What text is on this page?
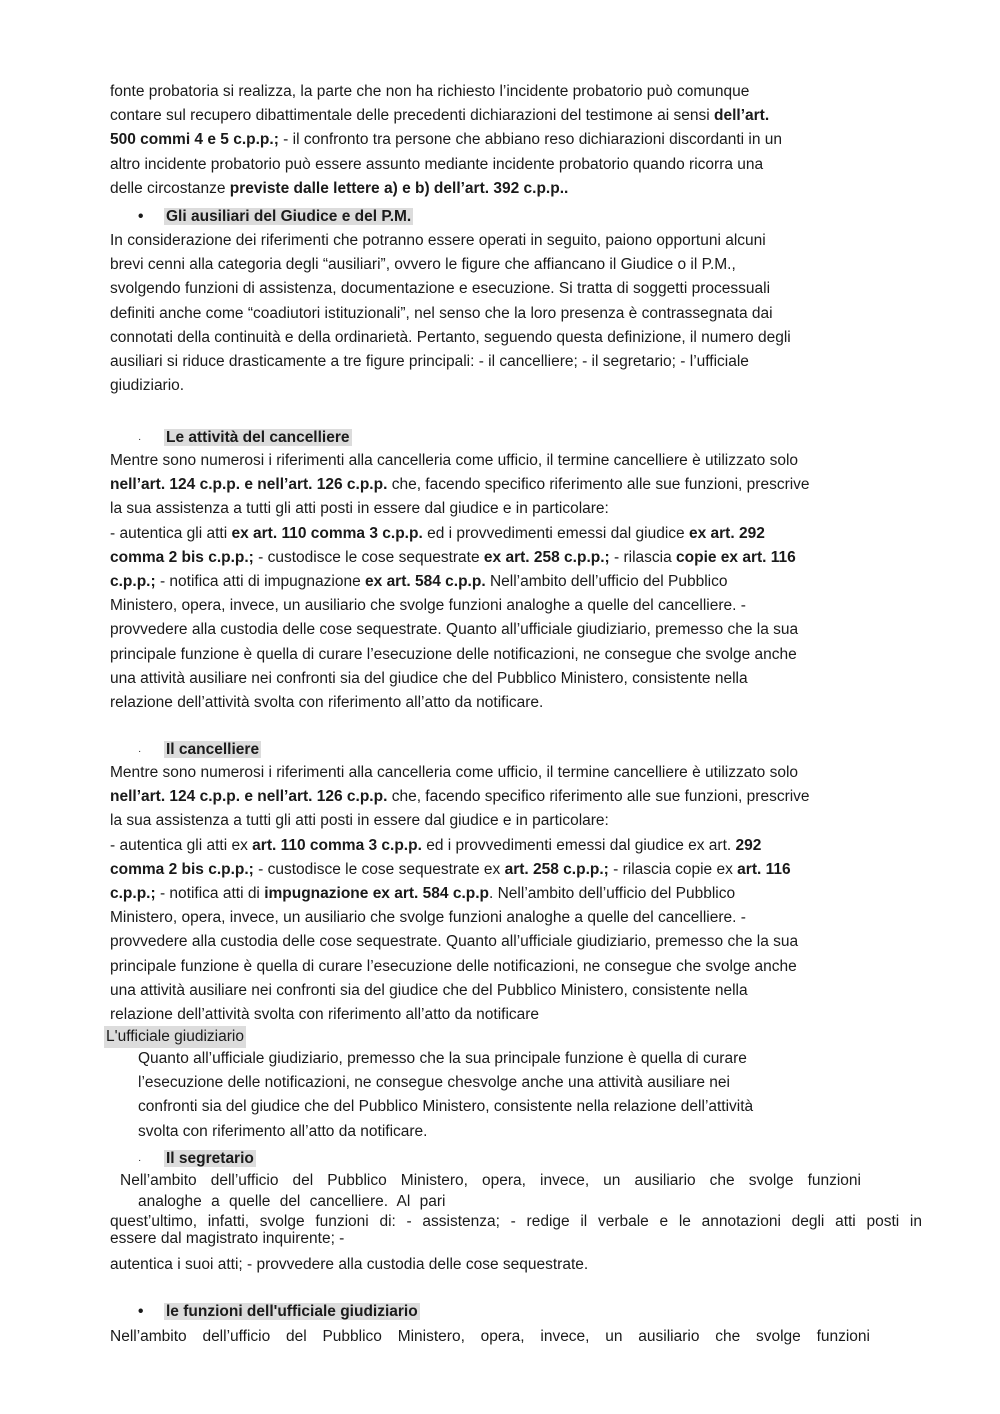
fonte probatoria si realizza, la parte che non ha richiesto l’incidente probatorio può comunque
contare sul recupero dibattimentale delle precedenti dichiarazioni del testimone ai sensi dell’art.
500 commi 4 e 5 c.p.p.; - il confronto tra persone che abbiano reso dichiarazioni discordanti in un
altro incidente probatorio può essere assunto mediante incidente probatorio quando ricorra una
delle circostanze previste dalle lettere a) e b) dell’art. 392 c.p.p..

• Gli ausiliari del Giudice e del P.M.

In considerazione dei riferimenti che potranno essere operati in seguito, paiono opportuni alcuni
brevi cenni alla categoria degli “ausiliari”, ovvero le figure che affiancano il Giudice o il P.M.,
svolgendo funzioni di assistenza, documentazione e esecuzione. Si tratta di soggetti processuali
definiti anche come “coadiutori istituzionali”, nel senso che la loro presenza è contrassegnata dai
connotati della continuità e della ordinarietà. Pertanto, seguendo questa definizione, il numero degli
ausiliari si riduce drasticamente a tre figure principali: - il cancelliere; - il segretario; - l’ufficiale
giudiziario.

· Le attività del cancelliere

Mentre sono numerosi i riferimenti alla cancelleria come ufficio, il termine cancelliere è utilizzato solo
nell’art. 124 c.p.p. e nell’art. 126 c.p.p. che, facendo specifico riferimento alle sue funzioni, prescrive
la sua assistenza a tutti gli atti posti in essere dal giudice e in particolare:
- autentica gli atti ex art. 110 comma 3 c.p.p. ed i provvedimenti emessi dal giudice ex art. 292
comma 2 bis c.p.p.; - custodisce le cose sequestrate ex art. 258 c.p.p.; - rilascia copie ex art. 116
c.p.p.; - notifica atti di impugnazione ex art. 584 c.p.p. Nell’ambito dell’ufficio del Pubblico
Ministero, opera, invece, un ausiliario che svolge funzioni analoghe a quelle del cancelliere. -
provvedere alla custodia delle cose sequestrate. Quanto all’ufficiale giudiziario, premesso che la sua
principale funzione è quella di curare l’esecuzione delle notificazioni, ne consegue che svolge anche
una attività ausiliare nei confronti sia del giudice che del Pubblico Ministero, consistente nella
relazione dell’attività svolta con riferimento all’atto da notificare.

· Il cancelliere

Mentre sono numerosi i riferimenti alla cancelleria come ufficio, il termine cancelliere è utilizzato solo
nell’art. 124 c.p.p. e nell’art. 126 c.p.p. che, facendo specifico riferimento alle sue funzioni, prescrive
la sua assistenza a tutti gli atti posti in essere dal giudice e in particolare:
- autentica gli atti ex art. 110 comma 3 c.p.p. ed i provvedimenti emessi dal giudice ex art. 292
comma 2 bis c.p.p.; - custodisce le cose sequestrate ex art. 258 c.p.p.; - rilascia copie ex art. 116
c.p.p.; - notifica atti di impugnazione ex art. 584 c.p.p. Nell’ambito dell’ufficio del Pubblico
Ministero, opera, invece, un ausiliario che svolge funzioni analoghe a quelle del cancelliere. -
provvedere alla custodia delle cose sequestrate. Quanto all’ufficiale giudiziario, premesso che la sua
principale funzione è quella di curare l’esecuzione delle notificazioni, ne consegue che svolge anche
una attività ausiliare nei confronti sia del giudice che del Pubblico Ministero, consistente nella
relazione dell’attività svolta con riferimento all’atto da notificare

L'ufficiale giudiziario

Quanto all’ufficiale giudiziario, premesso che la sua principale funzione è quella di curare
l’esecuzione delle notificazioni, ne consegue chesvolge anche una attività ausiliare nei
confronti sia del giudice che del Pubblico Ministero, consistente nella relazione dell’attività
svolta con riferimento all’atto da notificare.

· Il segretario
Nell’ambito dell’ufficio del Pubblico Ministero, opera, invece, un ausiliario che svolge funzioni
analoghe a quelle del cancelliere. Al pari
quest’ultimo, infatti, svolge funzioni di: - assistenza; - redige il verbale e le annotazioni degli atti posti in
essere dal magistrato inquirente; -
autentica i suoi atti; - provvedere alla custodia delle cose sequestrate.
• le funzioni dell'ufficiale giudiziario
Nell’ambito dell’ufficio del Pubblico Ministero, opera, invece, un ausiliario che svolge funzioni
